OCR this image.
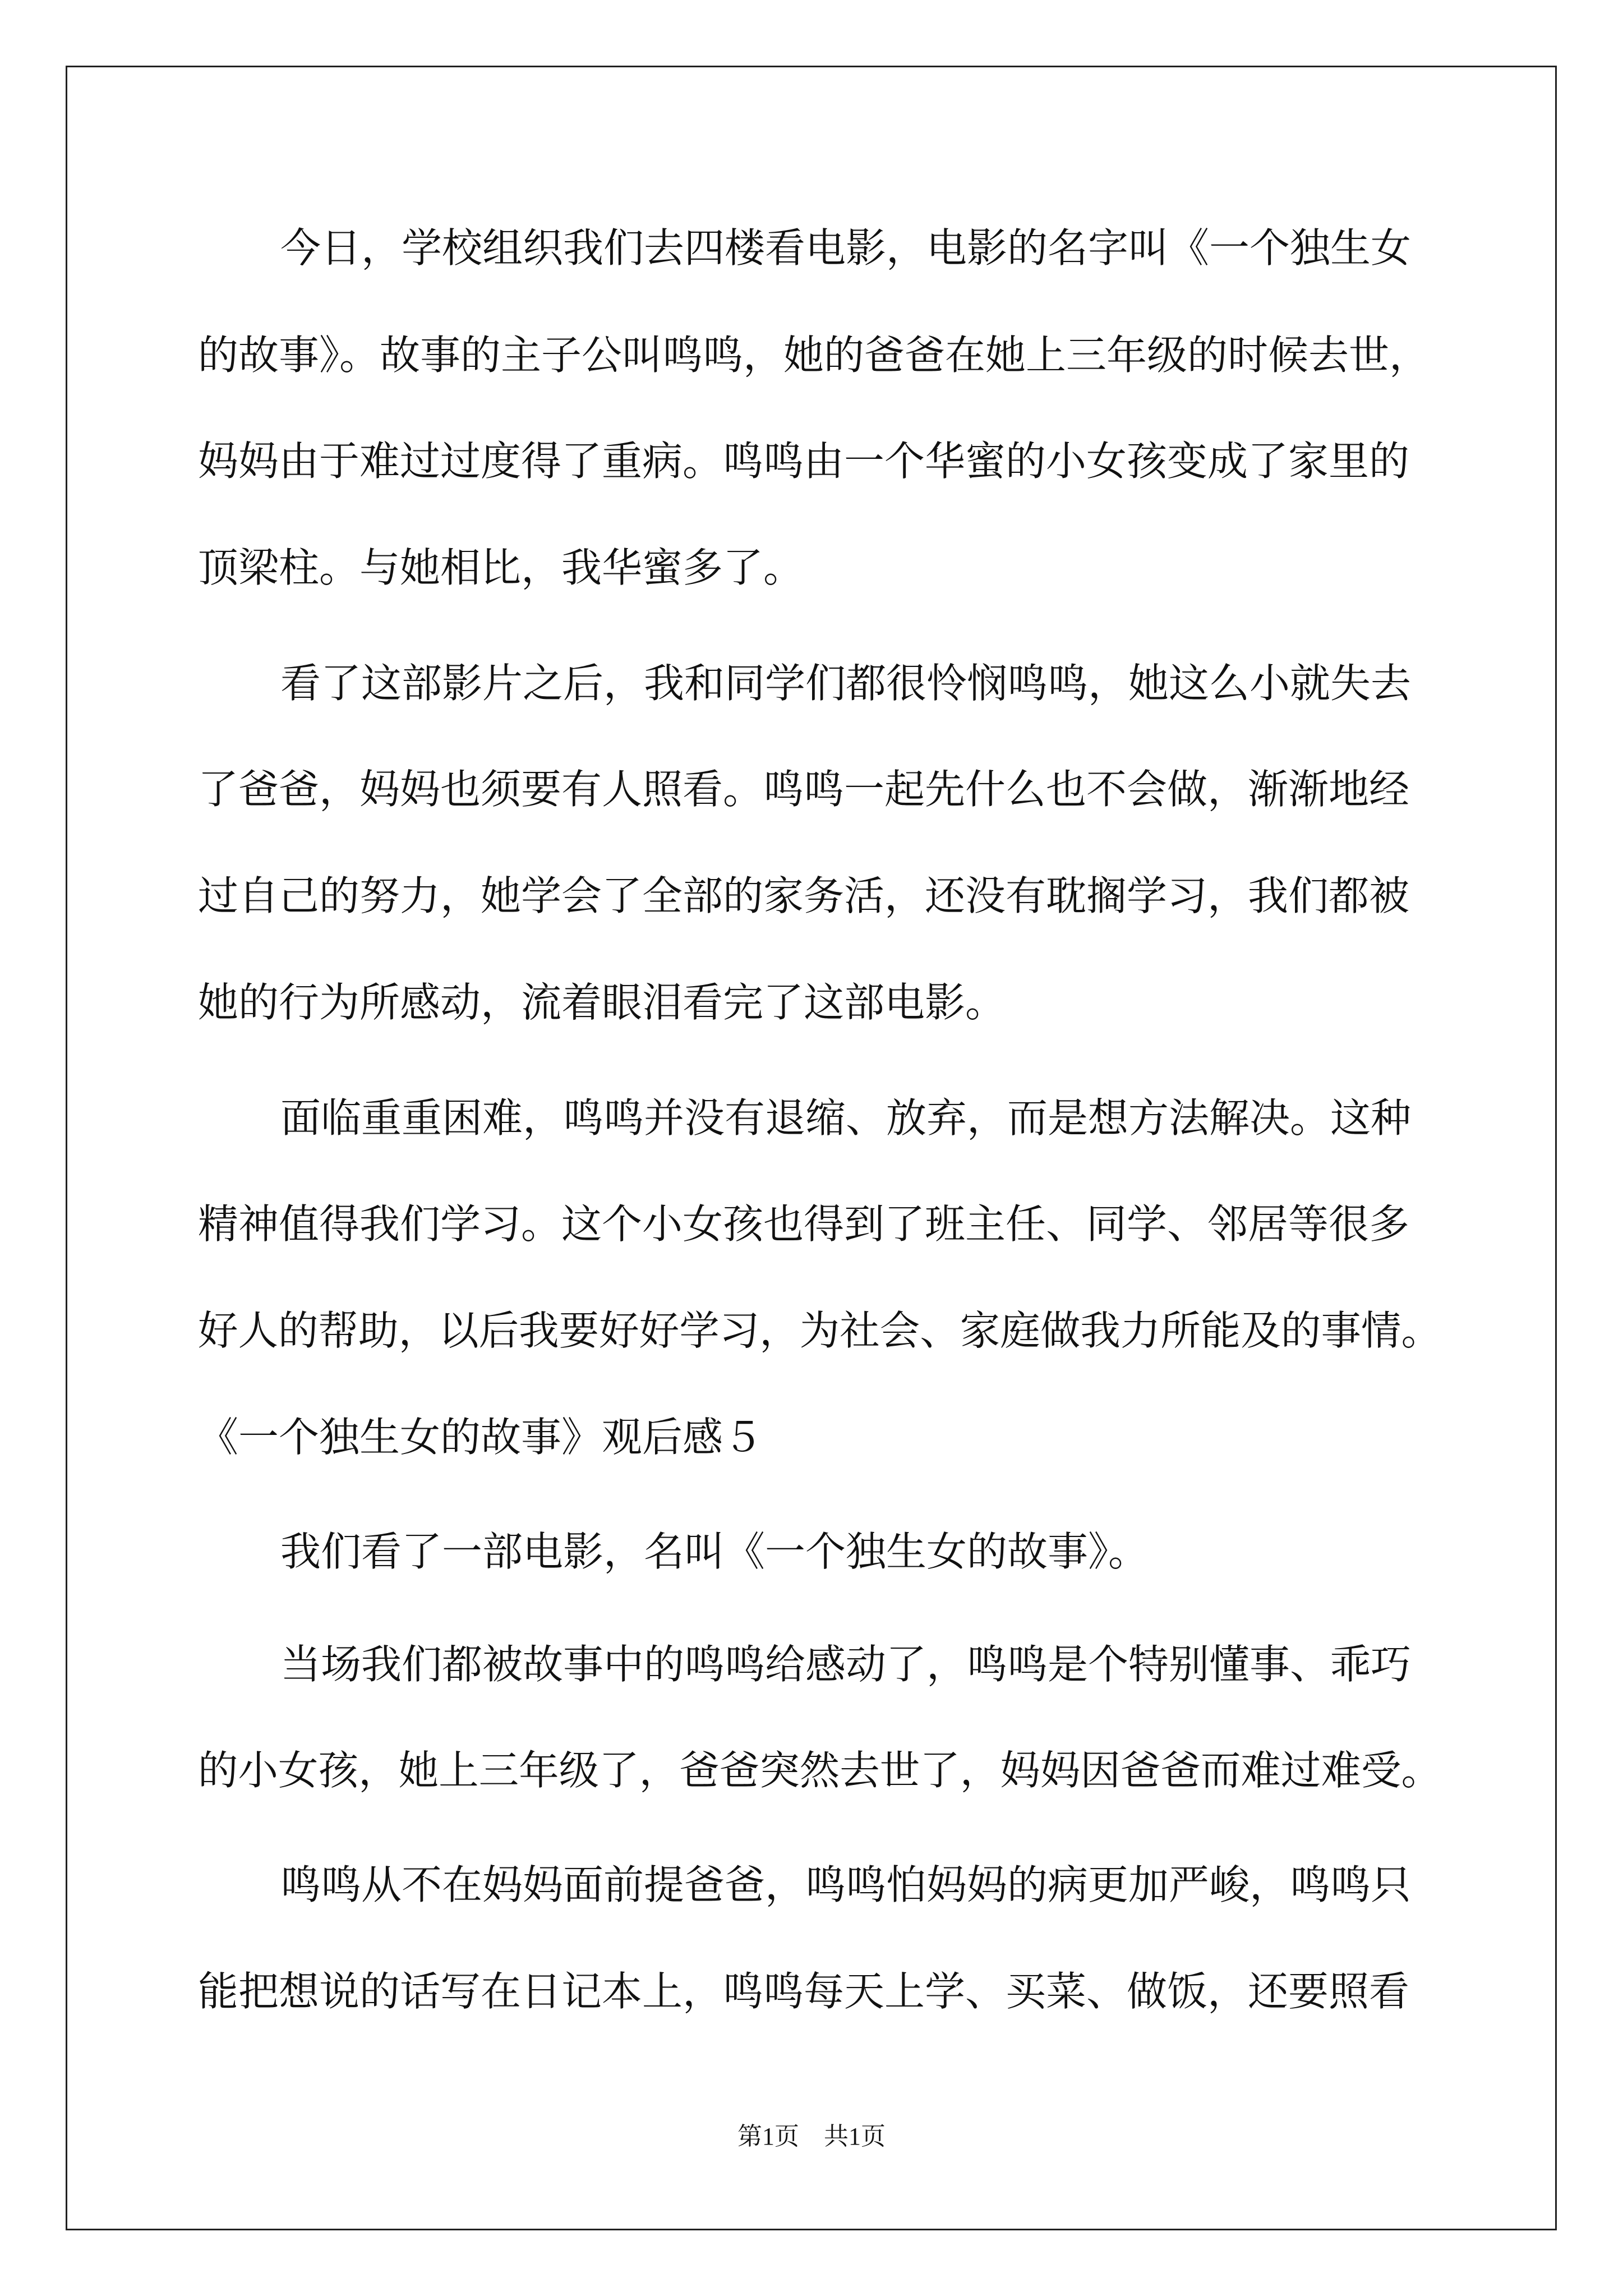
今日，学校组织我们去四楼看电影，电影的名字叫《一个独生女

的故事》。故事的主子公叫鸣鸣，她的爸爸在她上三年级的时候去世，

妈妈由于难过过度得了重病。鸣鸣由一个华蜜的小女孩变成了家里的

顶梁柱。与她相比，我华蜜多了。

看了这部影片之后，我和同学们都很怜悯鸣鸣，她这么小就失去

了爸爸，妈妈也须要有人照看。鸣鸣一起先什么也不会做，渐渐地经

过自己的努力，她学会了全部的家务活，还没有耽搁学习，我们都被

她的行为所感动，流着眼泪看完了这部电影。

面临重重困难，鸣鸣并没有退缩、放弃，而是想方法解决。这种

精神值得我们学习。这个小女孩也得到了班主任、同学、邻居等很多

好人的帮助，以后我要好好学习，为社会、家庭做我力所能及的事情。

《一个独生女的故事》观后感５

我们看了一部电影，名叫《一个独生女的故事》。

当场我们都被故事中的鸣鸣给感动了，鸣鸣是个特别懂事、乖巧

的小女孩，她上三年级了，爸爸突然去世了，妈妈因爸爸而难过难受。

鸣鸣从不在妈妈面前提爸爸，鸣鸣怕妈妈的病更加严峻，鸣鸣只

能把想说的话写在日记本上，鸣鸣每天上学、买菜、做饭，还要照看

第1页　共1页
